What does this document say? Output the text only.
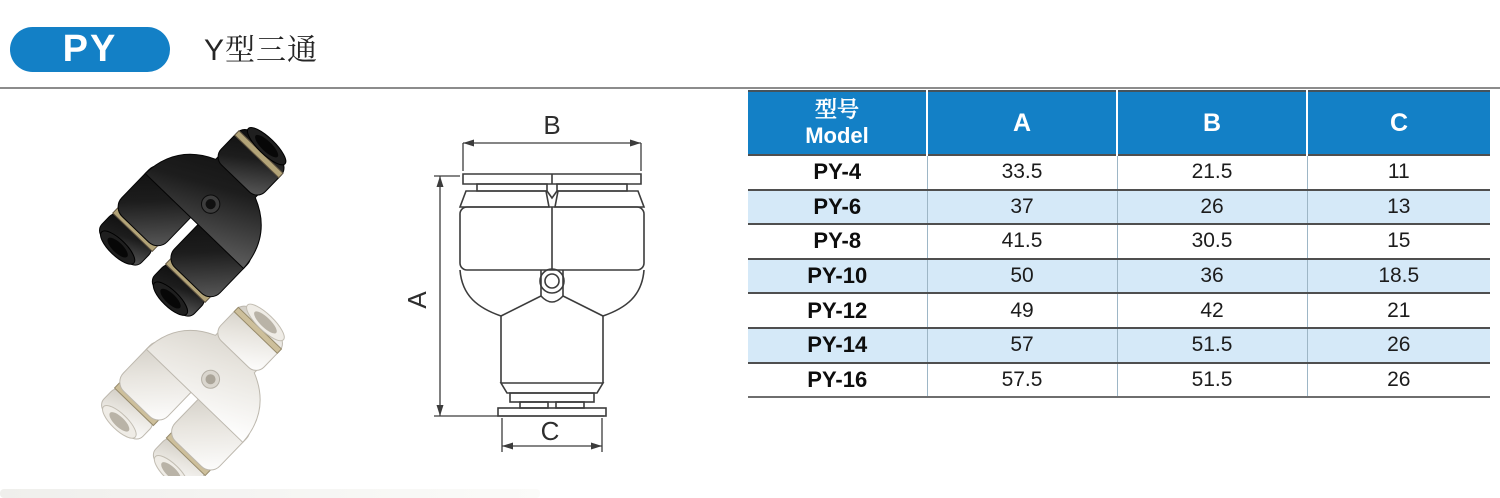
PY	Y型三通
B
A
C
型号
Model	A	B	C
PY-4	33.5	21.5	11
PY-6	37	26	13
PY-8	41.5	30.5	15
PY-10	50	36	18.5
PY-12	49	42	21
PY-14	57	51.5	26
PY-16	57.5	51.5	26
